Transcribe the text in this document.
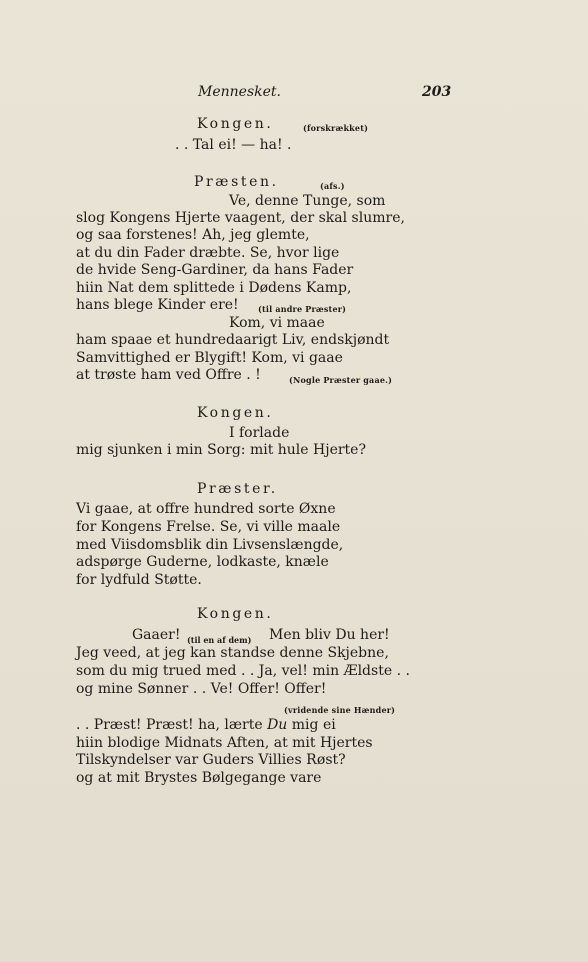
Mennesket.	203
Kongen.	(forskrækket)
. . Tal ei! — ha! .
Præsten.	(afs.)
Ve, denne Tunge, som
slog Kongens Hjerte vaagent, der skal slumre,
og saa forstenes! Ah, jeg glemte,
at du din Fader dræbte. Se, hvor lige
de hvide Seng-Gardiner, da hans Fader
hiin Nat dem splittede i Dødens Kamp,
hans blege Kinder ere! (til andre Præster)
Kom, vi maae
ham spaae et hundredaarigt Liv, endskjøndt
Samvittighed er Blygift! Kom, vi gaae
at trøste ham ved Offre . !	(Nogle Præster gaae.)
Kongen.
I forlade
mig sjunken i min Sorg: mit hule Hjerte?
Præster.
Vi gaae, at offre hundred sorte Øxne
for Kongens Frelse. Se, vi ville maale
med Viisdomsblik din Livsenslængde,
adspørge Guderne, lodkaste, knæle
for lydfuld Støtte.
Kongen.
Gaaer! (til en af dem) Men bliv Du her!
Jeg veed, at jeg kan standse denne Skjebne,
som du mig trued med . . Ja, vel! min Ældste . .
og mine Sønner . . Ve! Offer! Offer!
(vridende sine Hænder)
. . Præst! Præst! ha, lærte Du mig ei
hiin blodige Midnats Aften, at mit Hjertes
Tilskyndelser var Guders Villies Røst?
og at mit Brystes Bølgegange vare
